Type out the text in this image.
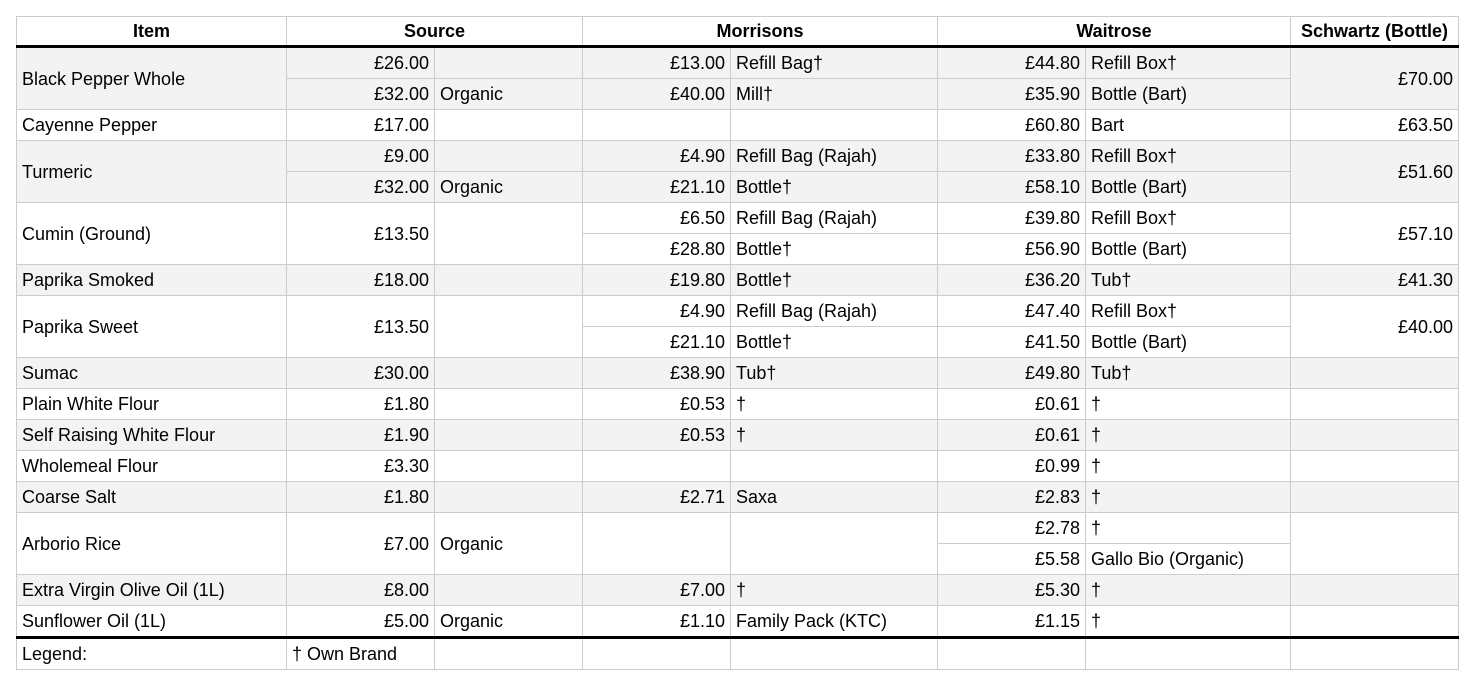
Item	Source		Morrisons		Waitrose		Schwartz (Bottle)
Black Pepper Whole	£26.00		£13.00	Refill Bag†	£44.80	Refill Box†	£70.00
	£32.00	Organic	£40.00	Mill†	£35.90	Bottle (Bart)	
Cayenne Pepper	£17.00				£60.80	Bart	£63.50
Turmeric	£9.00		£4.90	Refill Bag (Rajah)	£33.80	Refill Box†	£51.60
	£32.00	Organic	£21.10	Bottle†	£58.10	Bottle (Bart)	
Cumin (Ground)	£13.50		£6.50	Refill Bag (Rajah)	£39.80	Refill Box†	£57.10
			£28.80	Bottle†	£56.90	Bottle (Bart)	
Paprika Smoked	£18.00		£19.80	Bottle†	£36.20	Tub†	£41.30
Paprika Sweet	£13.50		£4.90	Refill Bag (Rajah)	£47.40	Refill Box†	£40.00
			£21.10	Bottle†	£41.50	Bottle (Bart)	
Sumac	£30.00		£38.90	Tub†	£49.80	Tub†	
Plain White Flour	£1.80		£0.53	†	£0.61	†	
Self Raising White Flour	£1.90		£0.53	†	£0.61	†	
Wholemeal Flour	£3.30				£0.99	†	
Coarse Salt	£1.80		£2.71	Saxa	£2.83	†	
Arborio Rice	£7.00	Organic			£2.78	†	
					£5.58	Gallo Bio (Organic)	
Extra Virgin Olive Oil (1L)	£8.00		£7.00	†	£5.30	†	
Sunflower Oil (1L)	£5.00	Organic	£1.10	Family Pack (KTC)	£1.15	†	
Legend:	† Own Brand						
